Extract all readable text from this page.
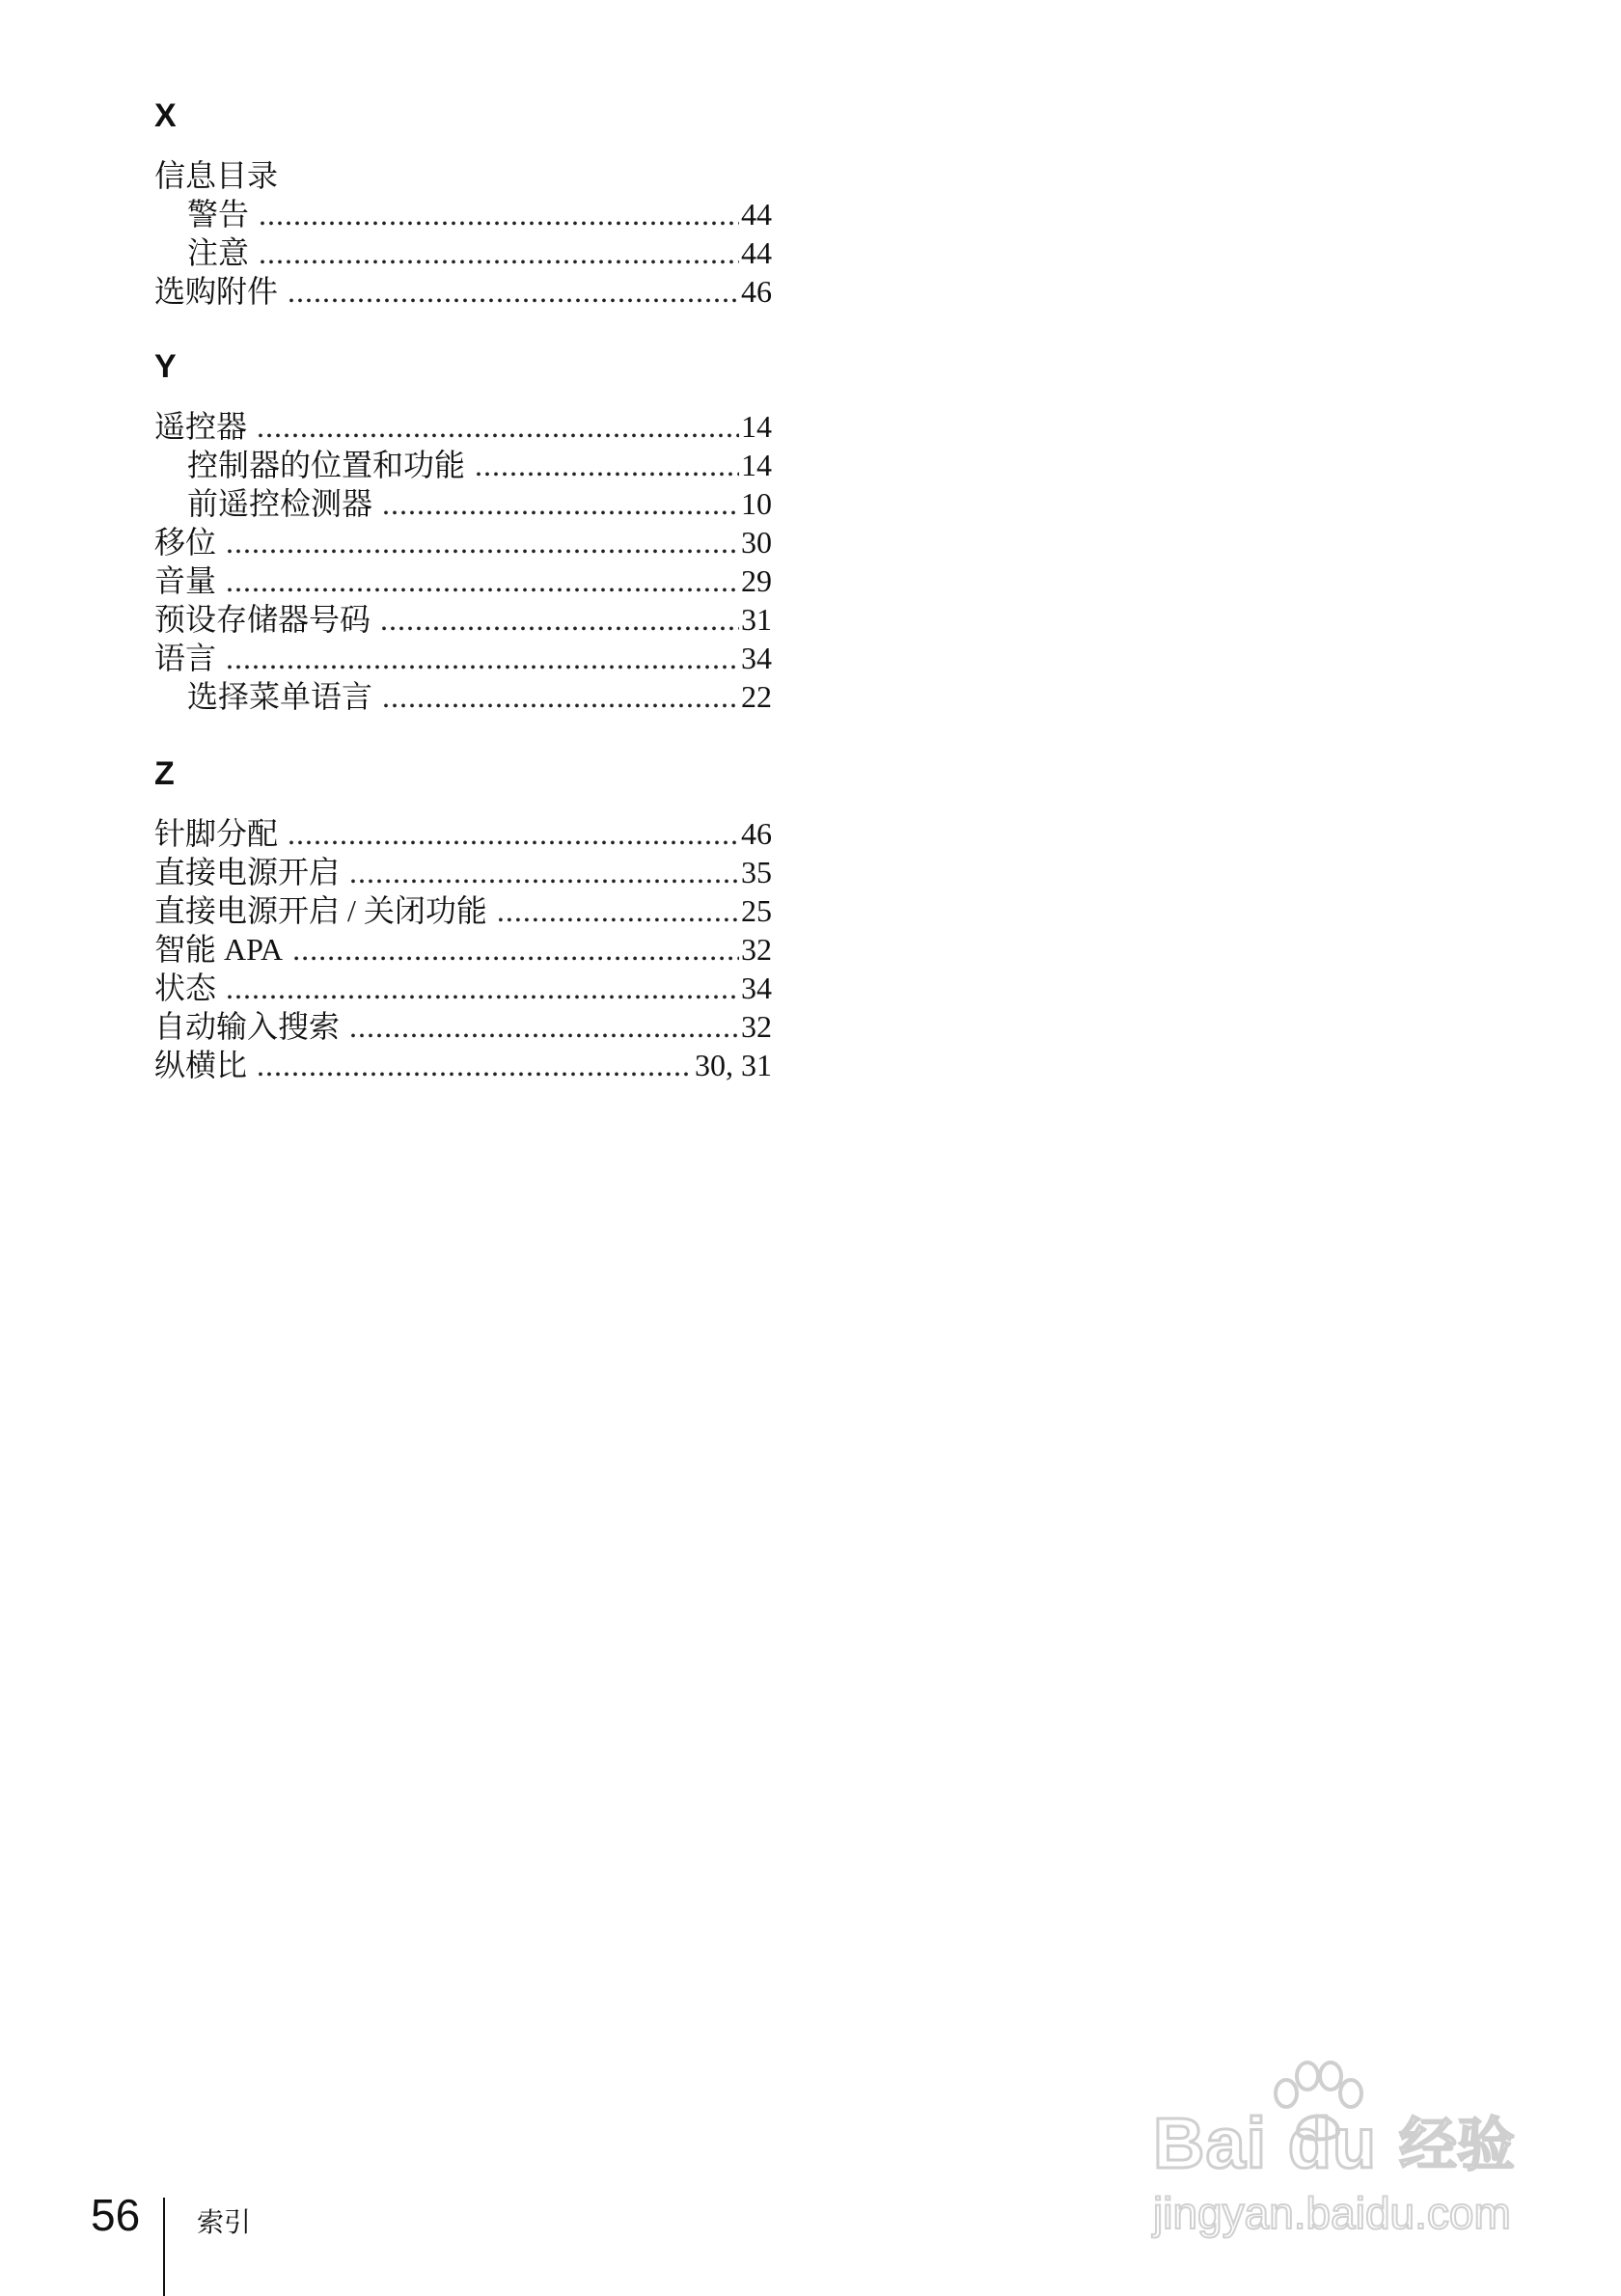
X
信息目录
警告 .....	44
注意 .....	44
选购附件 .....	46
Y
遥控器 .....	14
控制器的位置和功能 .....	14
前遥控检测器 .....	10
移位 .....	30
音量 .....	29
预设存储器号码 .....	31
语言 .....	34
选择菜单语言 .....	22
Z
针脚分配 .....	46
直接电源开启 .....	35
直接电源开启 / 关闭功能 .....	25
智能 APA .....	32
状态 .....	34
自动输入搜索 .....	32
纵横比 .....	30, 31
56 索引
Bai du 经验
jingyan.baidu.com
